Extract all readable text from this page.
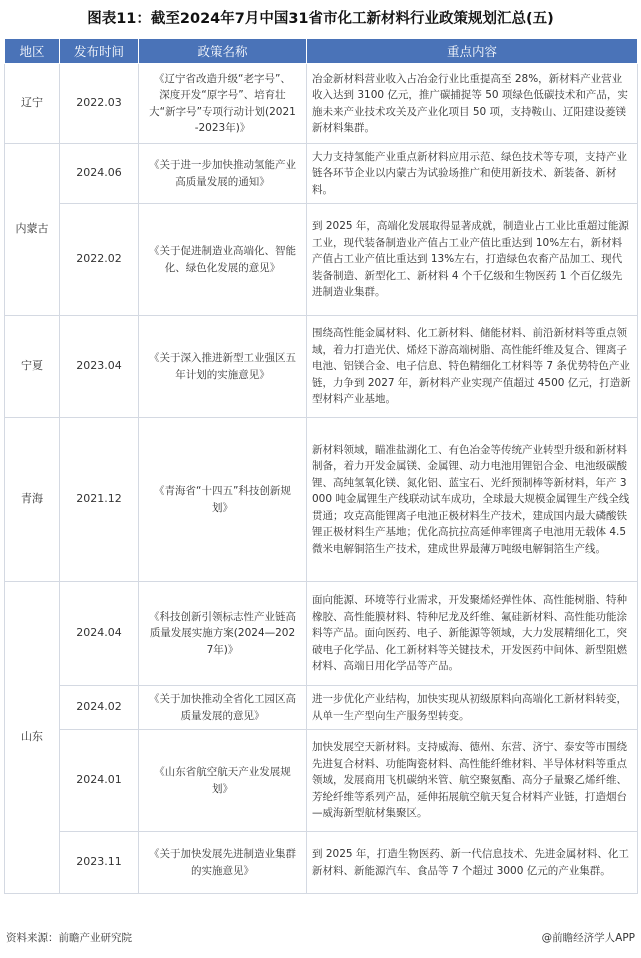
图表11：截至2024年7月中国31省市化工新材料行业政策规划汇总(五)
地区	发布时间	政策名称	重点内容
辽宁	2022.03	《辽宁省改造升级“老字号”、深度开发“原字号”、培育壮大“新字号”专项行动计划(2021-2023年)》	冶金新材料营业收入占冶金行业比重提高至 28%，新材料产业营业收入达到 3100 亿元，推广碳捕捉等 50 项绿色低碳技术和产品，实施未来产业技术攻关及产业化项目 50 项，支持鞍山、辽阳建设菱镁新材料集群。
内蒙古	2024.06	《关于进一步加快推动氢能产业高质量发展的通知》	大力支持氢能产业重点新材料应用示范、绿色技术等专项，支持产业链各环节企业以内蒙古为试验场推广和使用新技术、新装备、新材料。
	2022.02	《关于促进制造业高端化、智能化、绿色化发展的意见》	到 2025 年，高端化发展取得显著成就，制造业占工业比重超过能源工业，现代装备制造业产值占工业产值比重达到 10%左右，新材料产值占工业产值比重达到 13%左右，打造绿色农畜产品加工、现代装备制造、新型化工、新材料 4 个千亿级和生物医药 1 个百亿级先进制造业集群。
宁夏	2023.04	《关于深入推进新型工业强区五年计划的实施意见》	围绕高性能金属材料、化工新材料、储能材料、前沿新材料等重点领域，着力打造光伏、烯烃下游高端树脂、高性能纤维及复合、锂离子电池、铝镁合金、电子信息、特色精细化工材料等 7 条优势特色产业链，力争到 2027 年，新材料产业实现产值超过 4500 亿元，打造新型材料产业基地。
青海	2021.12	《青海省“十四五”科技创新规划》	新材料领域，瞄准盐湖化工、有色冶金等传统产业转型升级和新材料制备，着力开发金属镁、金属锂、动力电池用锂铝合金、电池级碳酸锂、高纯氢氧化镁、氮化铝、蓝宝石、光纤预制棒等新材料，年产 3000 吨金属锂生产线联动试车成功，全球最大规模金属锂生产线全线贯通；攻克高能锂离子电池正极材料生产技术，建成国内最大磷酸铁锂正极材料生产基地；优化高抗拉高延伸率锂离子电池用无载体 4.5 微米电解铜箔生产技术，建成世界最薄万吨级电解铜箔生产线。
山东	2024.04	《科技创新引领标志性产业链高质量发展实施方案(2024—2027年)》	面向能源、环境等行业需求，开发聚烯烃弹性体、高性能树脂、特种橡胶、高性能膜材料、特种尼龙及纤维、氟硅新材料、高性能功能涂料等产品。面向医药、电子、新能源等领域，大力发展精细化工，突破电子化学品、化工新材料等关键技术，开发医药中间体、新型阻燃材料、高端日用化学品等产品。
	2024.02	《关于加快推动全省化工园区高质量发展的意见》	进一步优化产业结构，加快实现从初级原料向高端化工新材料转变，从单一生产型向生产服务型转变。
	2024.01	《山东省航空航天产业发展规划》	加快发展空天新材料。支持威海、德州、东营、济宁、泰安等市围绕先进复合材料、功能陶瓷材料、高性能纤维材料、半导体材料等重点领域，发展商用飞机碳纳米管、航空聚氨酯、高分子量聚乙烯纤维、芳纶纤维等系列产品，延伸拓展航空航天复合材料产业链，打造烟台—威海新型航材集聚区。
	2023.11	《关于加快发展先进制造业集群的实施意见》	到 2025 年，打造生物医药、新一代信息技术、先进金属材料、化工新材料、新能源汽车、食品等 7 个超过 3000 亿元的产业集群。
资料来源：前瞻产业研究院	@前瞻经济学人APP
